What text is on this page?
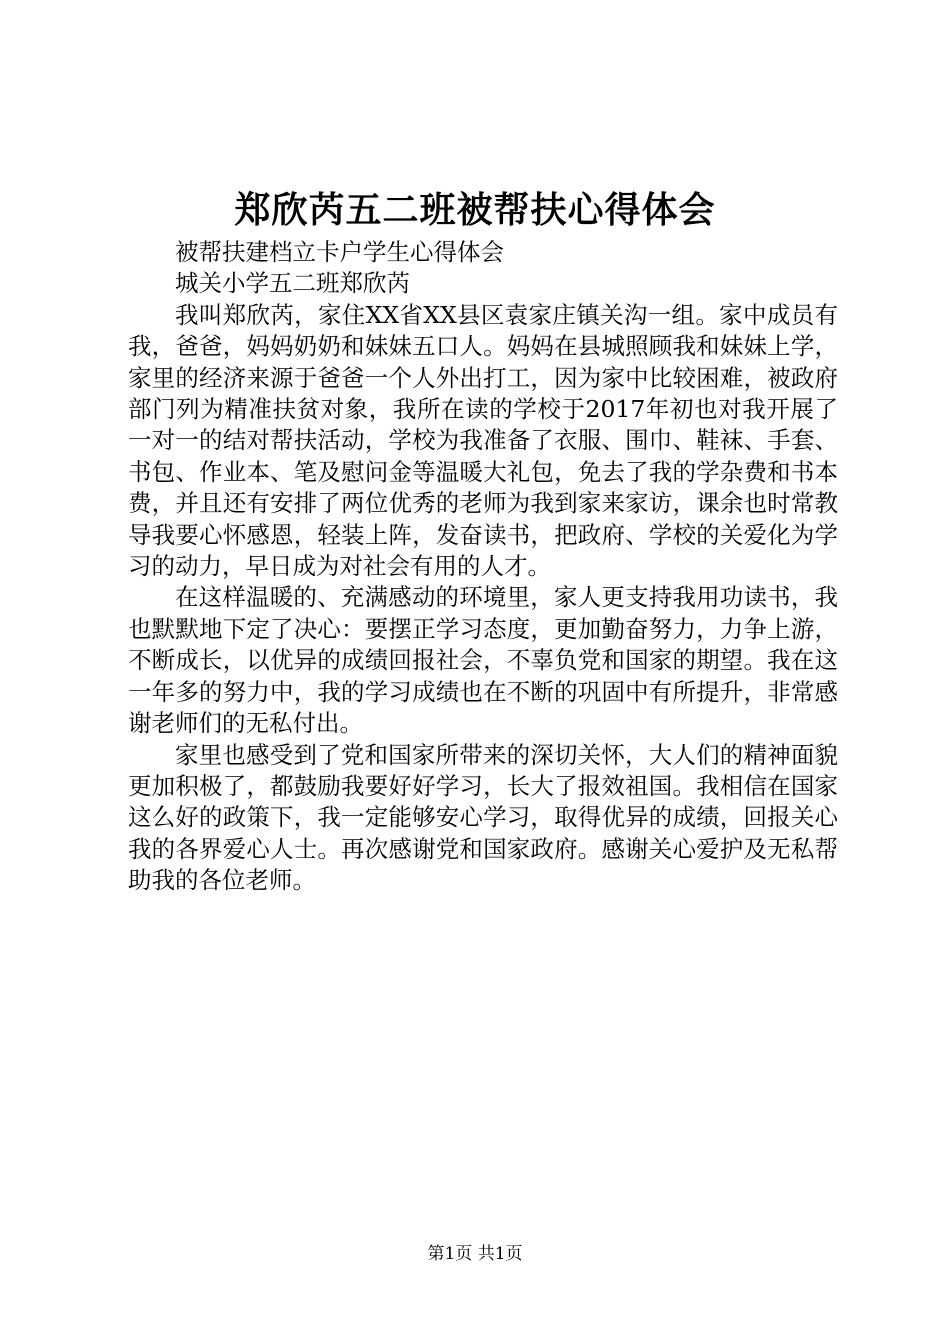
郑欣芮五二班被帮扶心得体会

被帮扶建档立卡户学生心得体会

城关小学五二班郑欣芮

我叫郑欣芮，家住XX省XX县区袁家庄镇关沟一组。家中成员有我，爸爸，妈妈奶奶和妹妹五口人。妈妈在县城照顾我和妹妹上学，家里的经济来源于爸爸一个人外出打工，因为家中比较困难，被政府部门列为精准扶贫对象，我所在读的学校于2017年初也对我开展了一对一的结对帮扶活动，学校为我准备了衣服、围巾、鞋袜、手套、书包、作业本、笔及慰问金等温暖大礼包，免去了我的学杂费和书本费，并且还有安排了两位优秀的老师为我到家来家访，课余也时常教导我要心怀感恩，轻装上阵，发奋读书，把政府、学校的关爱化为学习的动力，早日成为对社会有用的人才。

在这样温暖的、充满感动的环境里，家人更支持我用功读书，我也默默地下定了决心：要摆正学习态度，更加勤奋努力，力争上游，不断成长，以优异的成绩回报社会，不辜负党和国家的期望。我在这一年多的努力中，我的学习成绩也在不断的巩固中有所提升，非常感谢老师们的无私付出。

家里也感受到了党和国家所带来的深切关怀，大人们的精神面貌更加积极了，都鼓励我要好好学习，长大了报效祖国。我相信在国家这么好的政策下，我一定能够安心学习，取得优异的成绩，回报关心我的各界爱心人士。再次感谢党和国家政府。感谢关心爱护及无私帮助我的各位老师。

第1页 共1页
